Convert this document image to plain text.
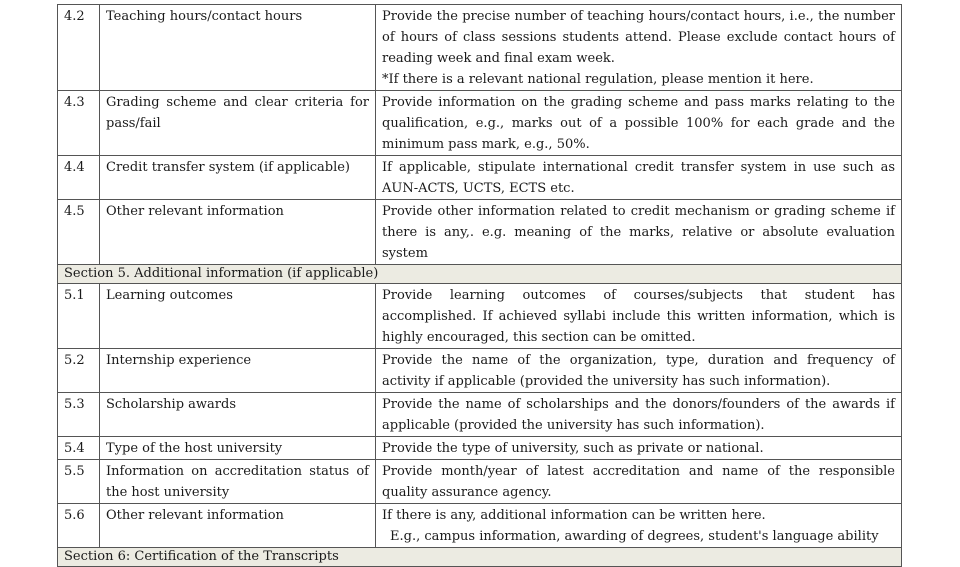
4.2	Teaching hours/contact hours	Provide the precise number of teaching hours/contact hours, i.e., the number of hours of class sessions students attend. Please exclude contact hours of reading week and final exam week.
*If there is a relevant national regulation, please mention it here.

4.3	Grading scheme and clear criteria for pass/fail	Provide information on the grading scheme and pass marks relating to the qualification, e.g., marks out of a possible 100% for each grade and the minimum pass mark, e.g., 50%.
4.4	Credit transfer system (if applicable)	If applicable, stipulate international credit transfer system in use such as AUN-ACTS, UCTS, ECTS etc.
4.5	Other relevant information	Provide other information related to credit mechanism or grading scheme if there is any,. e.g. meaning of the marks, relative or absolute evaluation system
Section 5. Additional information (if applicable)		
5.1	Learning outcomes	Provide learning outcomes of courses/subjects that student has accomplished. If achieved syllabi include this written information, which is highly encouraged, this section can be omitted.
5.2	Internship experience	Provide the name of the organization, type, duration and frequency of activity if applicable (provided the university has such information).
5.3	Scholarship awards	Provide the name of scholarships and the donors/founders of the awards if applicable (provided the university has such information).
5.4	Type of the host university	Provide the type of university, such as private or national.
5.5	Information on accreditation status of the host university	Provide month/year of latest accreditation and name of the responsible quality assurance agency.
5.6	Other relevant information	If there is any, additional information can be written here.
E.g., campus information, awarding of degrees, student's language ability

Section 6: Certification of the Transcripts		
